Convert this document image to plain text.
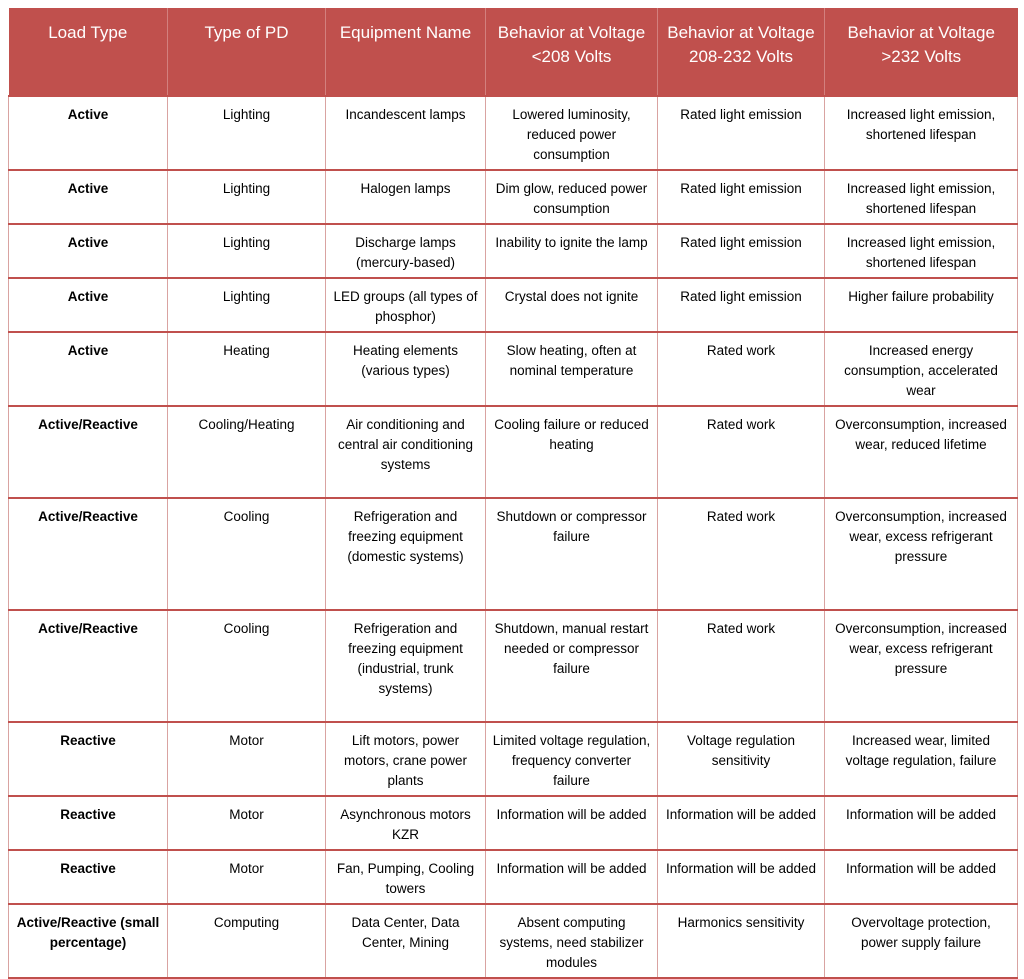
Load Type	Type of PD	Equipment Name	Behavior at Voltage <208 Volts	Behavior at Voltage 208-232 Volts	Behavior at Voltage >232 Volts
Active	Lighting	Incandescent lamps	Lowered luminosity, reduced power consumption	Rated light emission	Increased light emission, shortened lifespan
Active	Lighting	Halogen lamps	Dim glow, reduced power consumption	Rated light emission	Increased light emission, shortened lifespan
Active	Lighting	Discharge lamps (mercury-based)	Inability to ignite the lamp	Rated light emission	Increased light emission, shortened lifespan
Active	Lighting	LED groups (all types of phosphor)	Crystal does not ignite	Rated light emission	Higher failure probability
Active	Heating	Heating elements (various types)	Slow heating, often at nominal temperature	Rated work	Increased energy consumption, accelerated wear
Active/Reactive	Cooling/Heating	Air conditioning and central air conditioning systems	Cooling failure or reduced heating	Rated work	Overconsumption, increased wear, reduced lifetime
Active/Reactive	Cooling	Refrigeration and freezing equipment (domestic systems)	Shutdown or compressor failure	Rated work	Overconsumption, increased wear, excess refrigerant pressure
Active/Reactive	Cooling	Refrigeration and freezing equipment (industrial, trunk systems)	Shutdown, manual restart needed or compressor failure	Rated work	Overconsumption, increased wear, excess refrigerant pressure
Reactive	Motor	Lift motors, power motors, crane power plants	Limited voltage regulation, frequency converter failure	Voltage regulation sensitivity	Increased wear, limited voltage regulation, failure
Reactive	Motor	Asynchronous motors KZR	Information will be added	Information will be added	Information will be added
Reactive	Motor	Fan, Pumping, Cooling towers	Information will be added	Information will be added	Information will be added
Active/Reactive (small percentage)	Computing	Data Center, Data Center, Mining	Absent computing systems, need stabilizer modules	Harmonics sensitivity	Overvoltage protection, power supply failure
